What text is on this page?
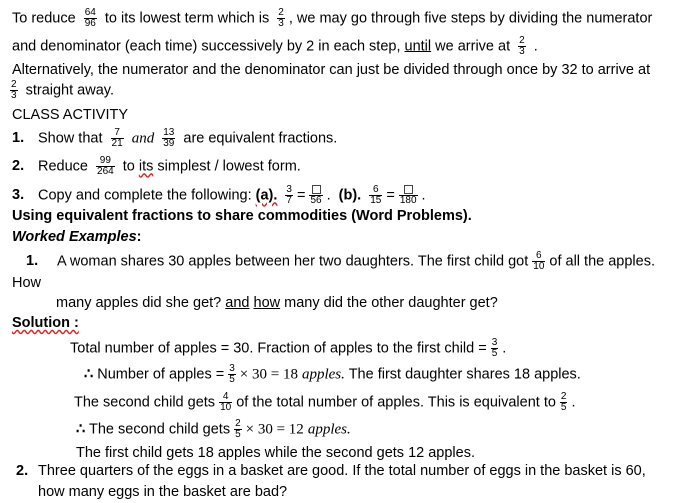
To reduce $\frac{64}{96}$ to its lowest term which is $\frac{2}{3}$ , we may go through five steps by dividing the numerator
and denominator (each time) successively by 2 in each step, until we arrive at $\frac{2}{3}$ .
Alternatively, the numerator and the denominator can just be divided through once by 32 to arrive at
$\frac{2}{3}$ straight away.
CLASS ACTIVITY
1. Show that $\frac{7}{21}$ and $\frac{13}{39}$ are equivalent fractions.
2. Reduce $\frac{99}{264}$ to its simplest / lowest form.
3. Copy and complete the following: (a). $\frac{3}{7} = 56$ . (b). $\frac{6}{15} = 180$ .
Using equivalent fractions to share commodities (Word Problems).
Worked Examples:
1. A woman shares 30 apples between her two daughters. The first child got $\frac{6}{10}$ of all the apples.
How
many apples did she get? and how many did the other daughter get?
Solution :
Total number of apples = 30. Fraction of apples to the first child = $\frac{3}{5}$ .
∴ Number of apples = $\frac{3}{5} \times 30 = 18$ apples. The first daughter shares 18 apples.
The second child gets $\frac{4}{10}$ of the total number of apples. This is equivalent to $\frac{2}{5}$ .
∴ The second child gets $\frac{2}{5} \times 30 = 12$ apples.
The first child gets 18 apples while the second gets 12 apples.
2. Three quarters of the eggs in a basket are good. If the total number of eggs in the basket is 60,
how many eggs in the basket are bad?
